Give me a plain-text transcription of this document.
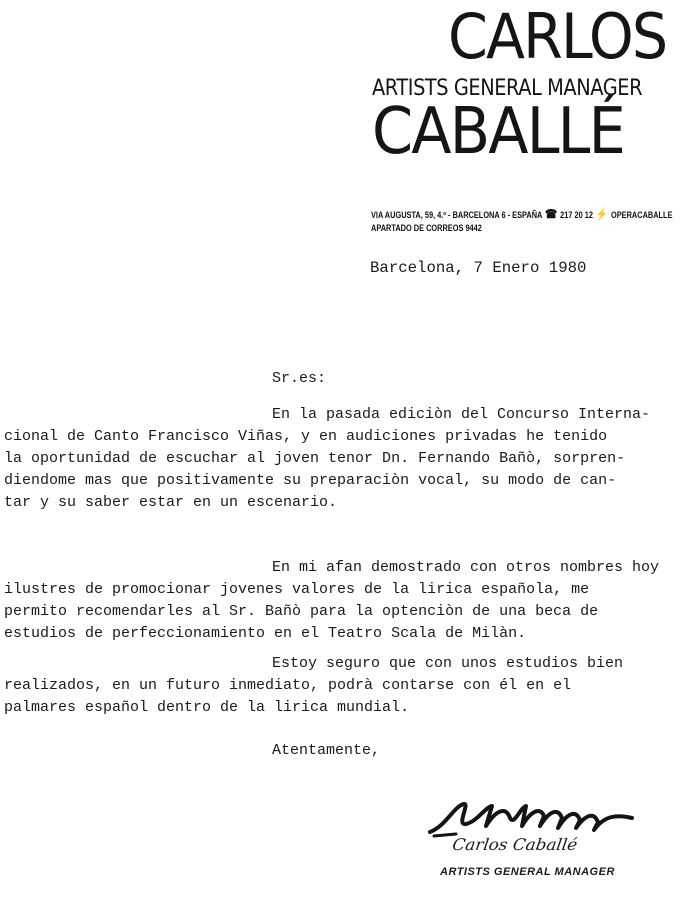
CARLOS
ARTISTS GENERAL MANAGER
CABALLÉ
VIA AUGUSTA, 59, 4.º - BARCELONA 6 - ESPAÑA ☎ 217 20 12 ⚡ OPERACABALLE
APARTADO DE CORREOS 9442
Barcelona, 7 Enero 1980
Sr.es:
En la pasada ediciòn del Concurso Interna-
cional de Canto Francisco Viñas, y en audiciones privadas he tenido
la oportunidad de escuchar al joven tenor Dn. Fernando Bañò, sorpren-
diendome mas que positivamente su preparaciòn vocal, su modo de can-
tar y su saber estar en un escenario.
En mi afan demostrado con otros nombres hoy
ilustres de promocionar jovenes valores de la lirica española, me
permito recomendarles al Sr. Bañò para la optenciòn de una beca de
estudios de perfeccionamiento en el Teatro Scala de Milàn.
Estoy seguro que con unos estudios bien
realizados, en un futuro inmediato, podrà contarse con él en el
palmares español dentro de la lirica mundial.
Atentamente,
Carlos Caballé
ARTISTS GENERAL MANAGER
